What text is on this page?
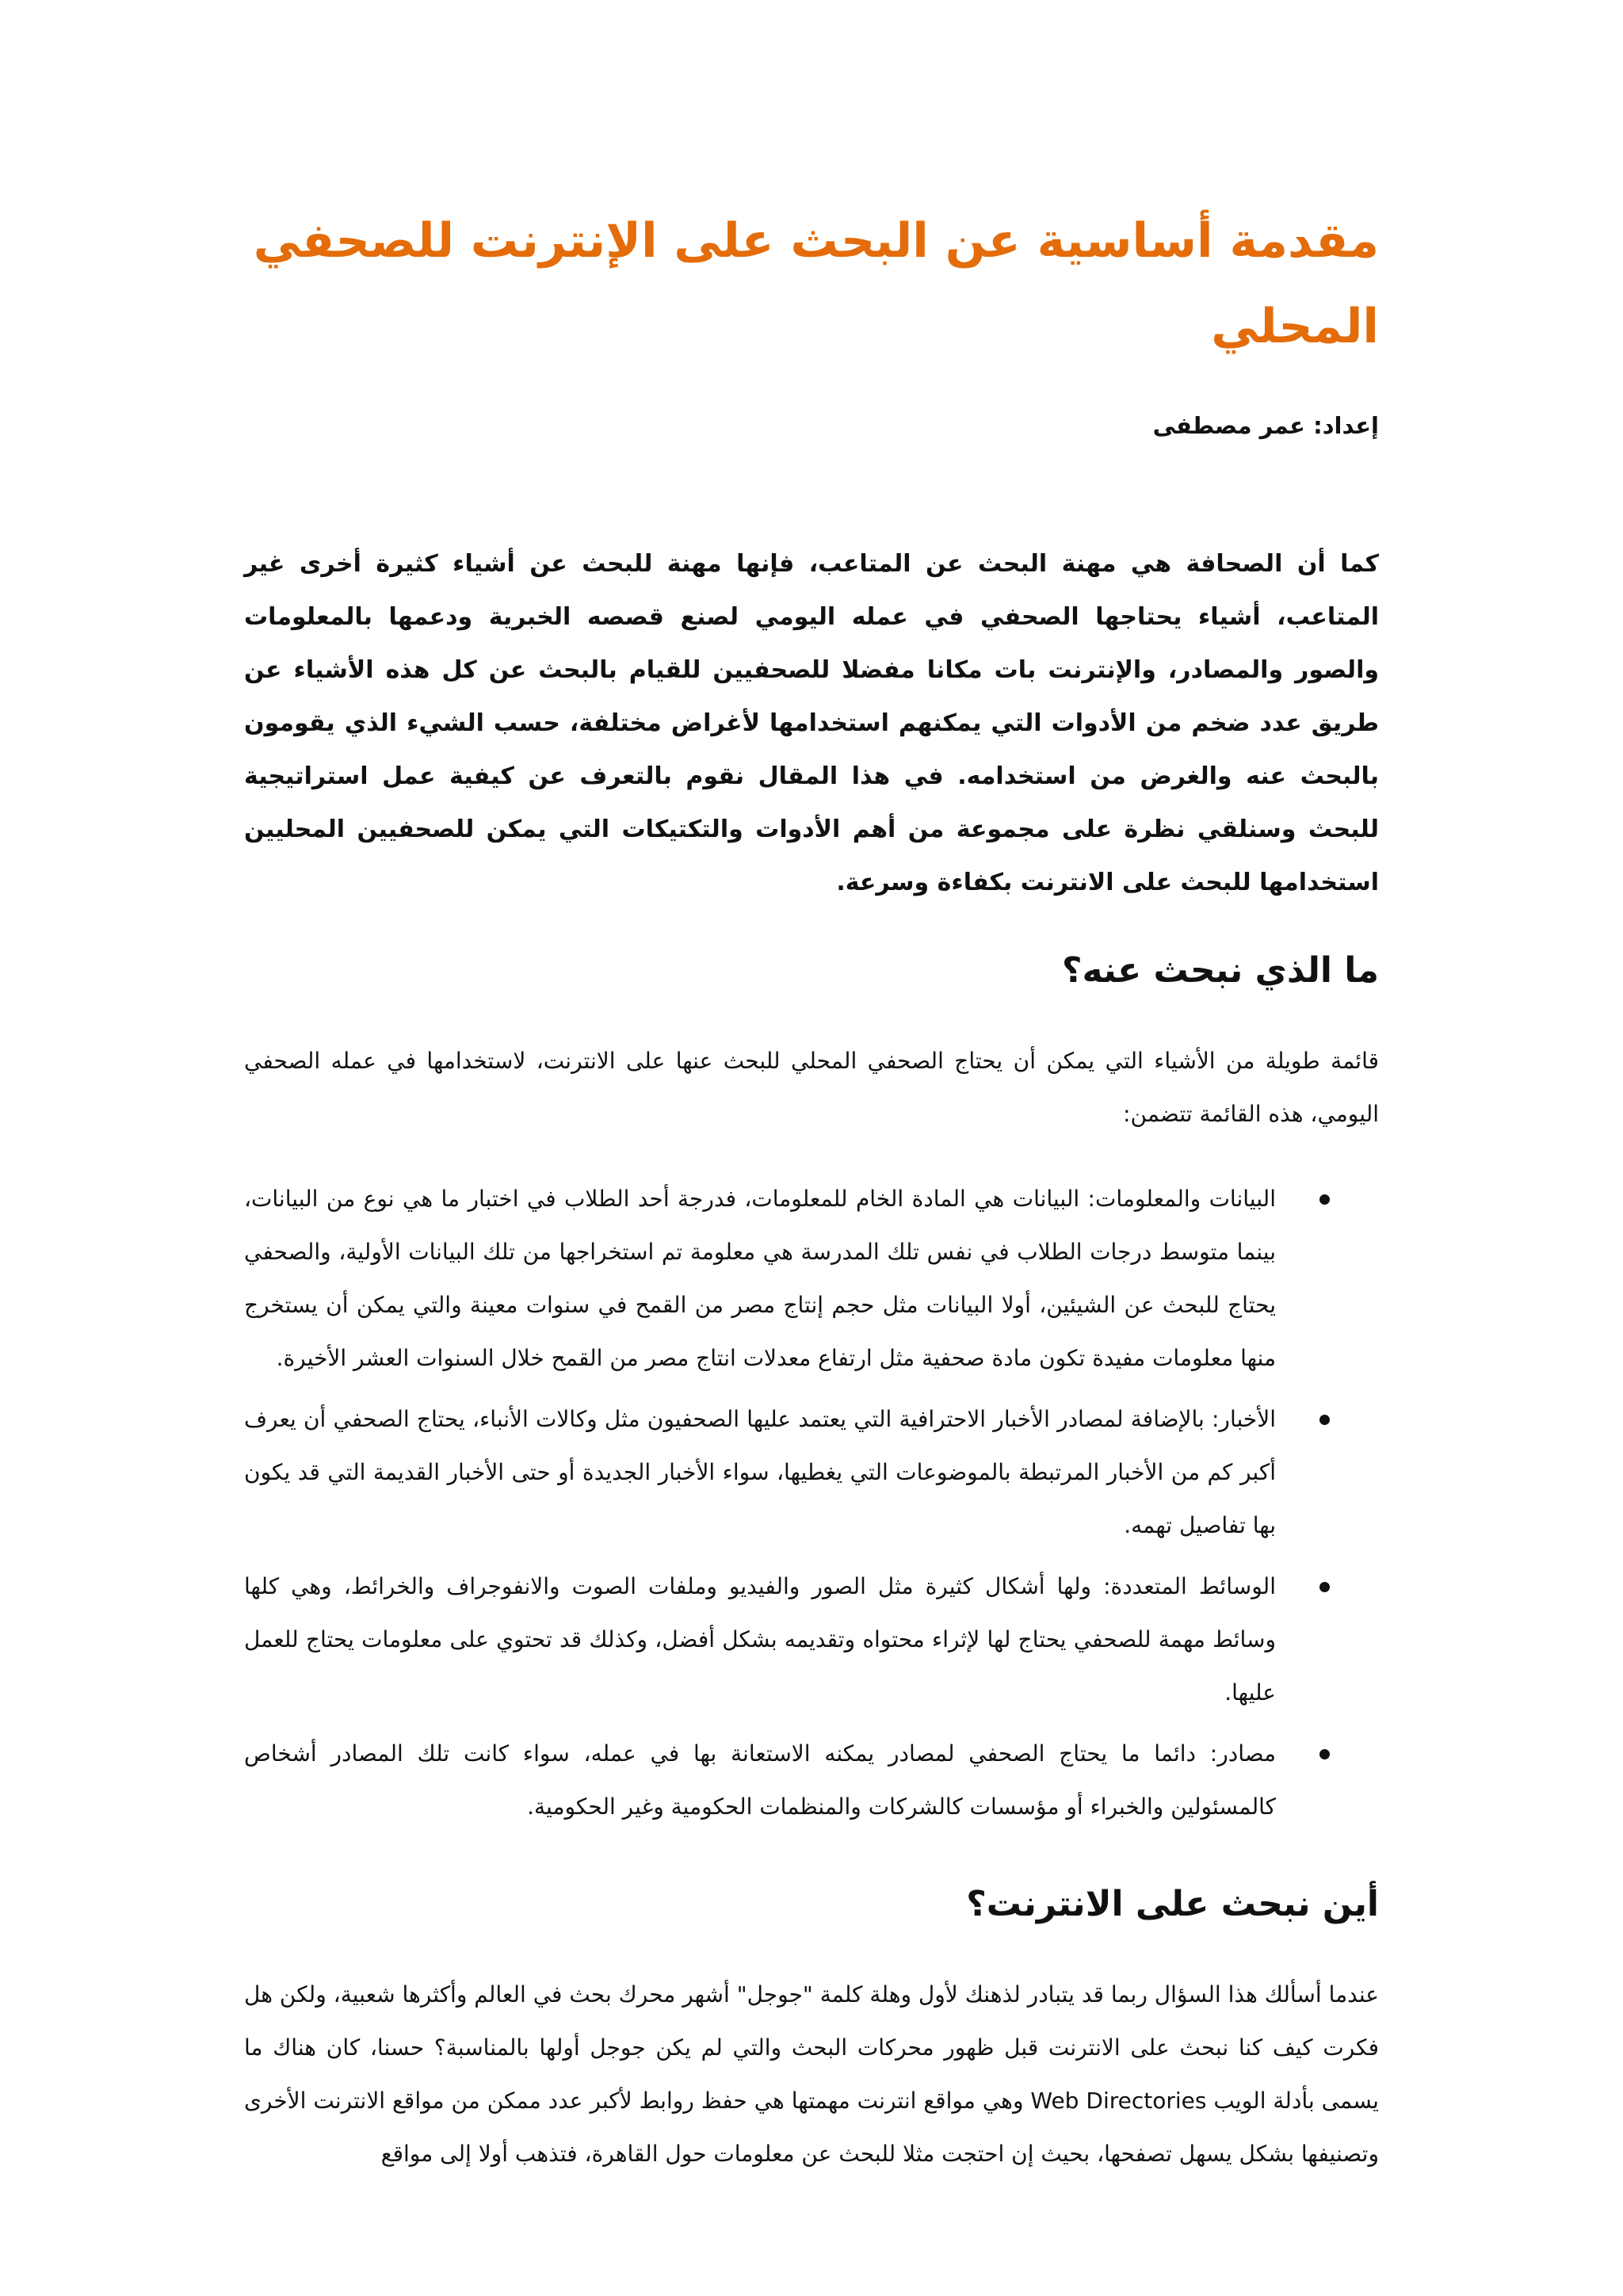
مقدمة أساسية عن البحث على الإنترنت للصحفي المحلي

إعداد: عمر مصطفى

كما أن الصحافة هي مهنة البحث عن المتاعب، فإنها مهنة للبحث عن أشياء كثيرة أخرى غير المتاعب، أشياء يحتاجها الصحفي في عمله اليومي لصنع قصصه الخبرية ودعمها بالمعلومات والصور والمصادر، والإنترنت بات مكانا مفضلا للصحفيين للقيام بالبحث عن كل هذه الأشياء عن طريق عدد ضخم من الأدوات التي يمكنهم استخدامها لأغراض مختلفة، حسب الشيء الذي يقومون بالبحث عنه والغرض من استخدامه. في هذا المقال نقوم بالتعرف عن كيفية عمل استراتيجية للبحث وسنلقي نظرة على مجموعة من أهم الأدوات والتكتيكات التي يمكن للصحفيين المحليين استخدامها للبحث على الانترنت بكفاءة وسرعة.

ما الذي نبحث عنه؟

قائمة طويلة من الأشياء التي يمكن أن يحتاج الصحفي المحلي للبحث عنها على الانترنت، لاستخدامها في عمله الصحفي اليومي، هذه القائمة تتضمن:

البيانات والمعلومات: البيانات هي المادة الخام للمعلومات، فدرجة أحد الطلاب في اختبار ما هي نوع من البيانات، بينما متوسط درجات الطلاب في نفس تلك المدرسة هي معلومة تم استخراجها من تلك البيانات الأولية، والصحفي يحتاج للبحث عن الشيئين، أولا البيانات مثل حجم إنتاج مصر من القمح في سنوات معينة والتي يمكن أن يستخرج منها معلومات مفيدة تكون مادة صحفية مثل ارتفاع معدلات انتاج مصر من القمح خلال السنوات العشر الأخيرة.
الأخبار: بالإضافة لمصادر الأخبار الاحترافية التي يعتمد عليها الصحفيون مثل وكالات الأنباء، يحتاج الصحفي أن يعرف أكبر كم من الأخبار المرتبطة بالموضوعات التي يغطيها، سواء الأخبار الجديدة أو حتى الأخبار القديمة التي قد يكون بها تفاصيل تهمه.
الوسائط المتعددة: ولها أشكال كثيرة مثل الصور والفيديو وملفات الصوت والانفوجراف والخرائط، وهي كلها وسائط مهمة للصحفي يحتاج لها لإثراء محتواه وتقديمه بشكل أفضل، وكذلك قد تحتوي على معلومات يحتاج للعمل عليها.
مصادر: دائما ما يحتاج الصحفي لمصادر يمكنه الاستعانة بها في عمله، سواء كانت تلك المصادر أشخاص كالمسئولين والخبراء أو مؤسسات كالشركات والمنظمات الحكومية وغير الحكومية.
أين نبحث على الانترنت؟

عندما أسألك هذا السؤال ربما قد يتبادر لذهنك لأول وهلة كلمة "جوجل" أشهر محرك بحث في العالم وأكثرها شعبية، ولكن هل فكرت كيف كنا نبحث على الانترنت قبل ظهور محركات البحث والتي لم يكن جوجل أولها بالمناسبة؟ حسنا، كان هناك ما يسمى بأدلة الويب Web Directories وهي مواقع انترنت مهمتها هي حفظ روابط لأكبر عدد ممكن من مواقع الانترنت الأخرى وتصنيفها بشكل يسهل تصفحها، بحيث إن احتجت مثلا للبحث عن معلومات حول القاهرة، فتذهب أولا إلى مواقع
